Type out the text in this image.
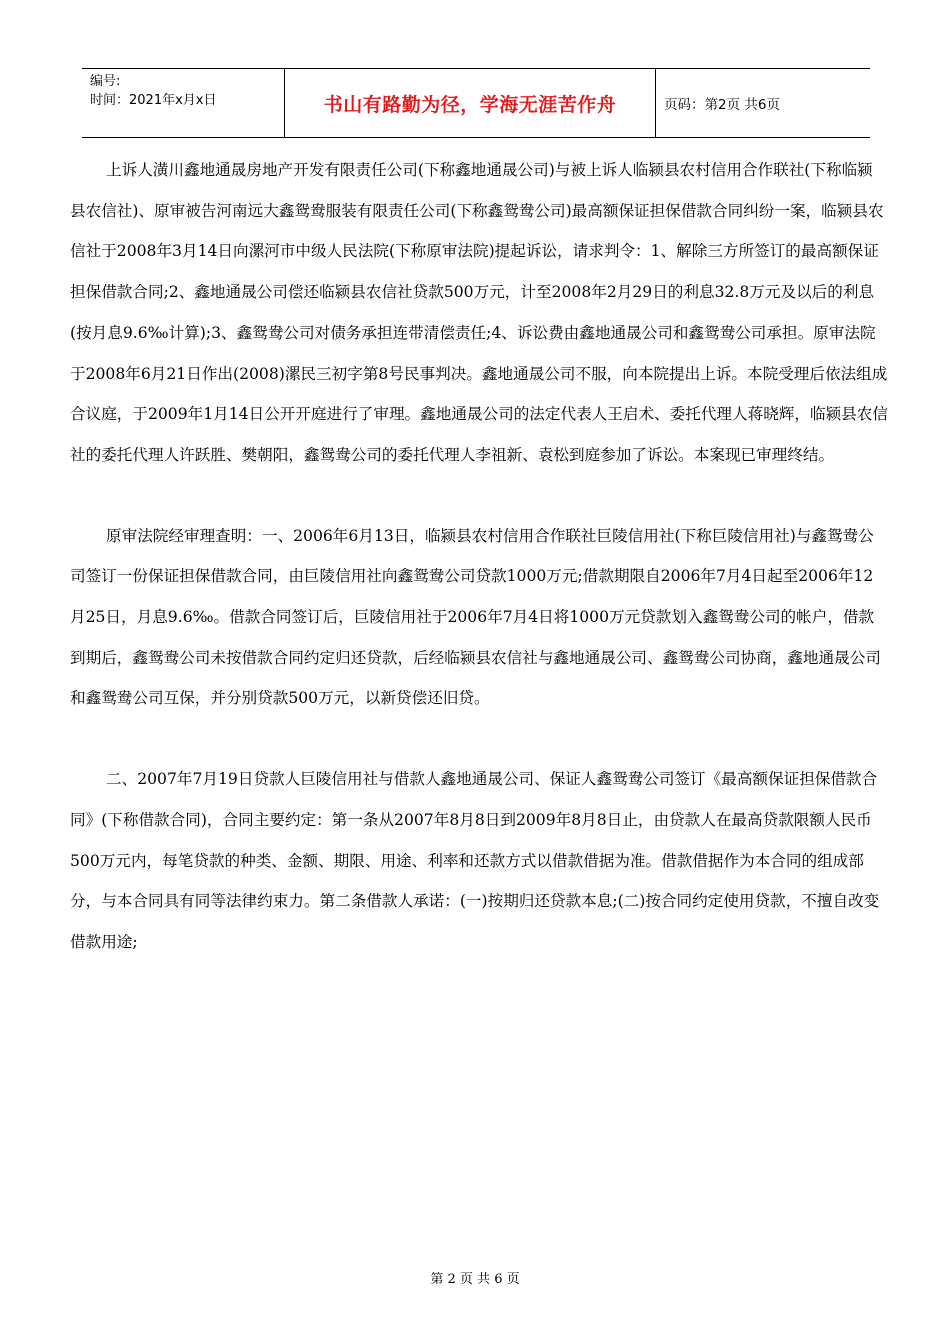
编号:
时间：2021年x月x日	书山有路勤为径，学海无涯苦作舟	页码：第2页 共6页

上诉人潢川鑫地通晟房地产开发有限责任公司(下称鑫地通晟公司)与被上诉人临颍县农村信用合作联社(下称临颍县农信社)、原审被告河南远大鑫鸳鸯服装有限责任公司(下称鑫鸳鸯公司)最高额保证担保借款合同纠纷一案，临颍县农信社于2008年3月14日向漯河市中级人民法院(下称原审法院)提起诉讼，请求判令：1、解除三方所签订的最高额保证担保借款合同;2、鑫地通晟公司偿还临颍县农信社贷款500万元，计至2008年2月29日的利息32.8万元及以后的利息(按月息9.6‰计算);3、鑫鸳鸯公司对债务承担连带清偿责任;4、诉讼费由鑫地通晟公司和鑫鸳鸯公司承担。原审法院于2008年6月21日作出(2008)漯民三初字第8号民事判决。鑫地通晟公司不服，向本院提出上诉。本院受理后依法组成合议庭，于2009年1月14日公开开庭进行了审理。鑫地通晟公司的法定代表人王启术、委托代理人蒋晓辉，临颍县农信社的委托代理人许跃胜、樊朝阳，鑫鸳鸯公司的委托代理人李祖新、袁松到庭参加了诉讼。本案现已审理终结。

原审法院经审理查明：一、2006年6月13日，临颍县农村信用合作联社巨陵信用社(下称巨陵信用社)与鑫鸳鸯公司签订一份保证担保借款合同，由巨陵信用社向鑫鸳鸯公司贷款1000万元;借款期限自2006年7月4日起至2006年12月25日，月息9.6‰。借款合同签订后，巨陵信用社于2006年7月4日将1000万元贷款划入鑫鸳鸯公司的帐户，借款到期后，鑫鸳鸯公司未按借款合同约定归还贷款，后经临颍县农信社与鑫地通晟公司、鑫鸳鸯公司协商，鑫地通晟公司和鑫鸳鸯公司互保，并分别贷款500万元，以新贷偿还旧贷。

二、2007年7月19日贷款人巨陵信用社与借款人鑫地通晟公司、保证人鑫鸳鸯公司签订《最高额保证担保借款合同》(下称借款合同)，合同主要约定：第一条从2007年8月8日到2009年8月8日止，由贷款人在最高贷款限额人民币500万元内，每笔贷款的种类、金额、期限、用途、利率和还款方式以借款借据为准。借款借据作为本合同的组成部分，与本合同具有同等法律约束力。第二条借款人承诺：(一)按期归还贷款本息;(二)按合同约定使用贷款，不擅自改变借款用途;

第 2 页 共 6 页
